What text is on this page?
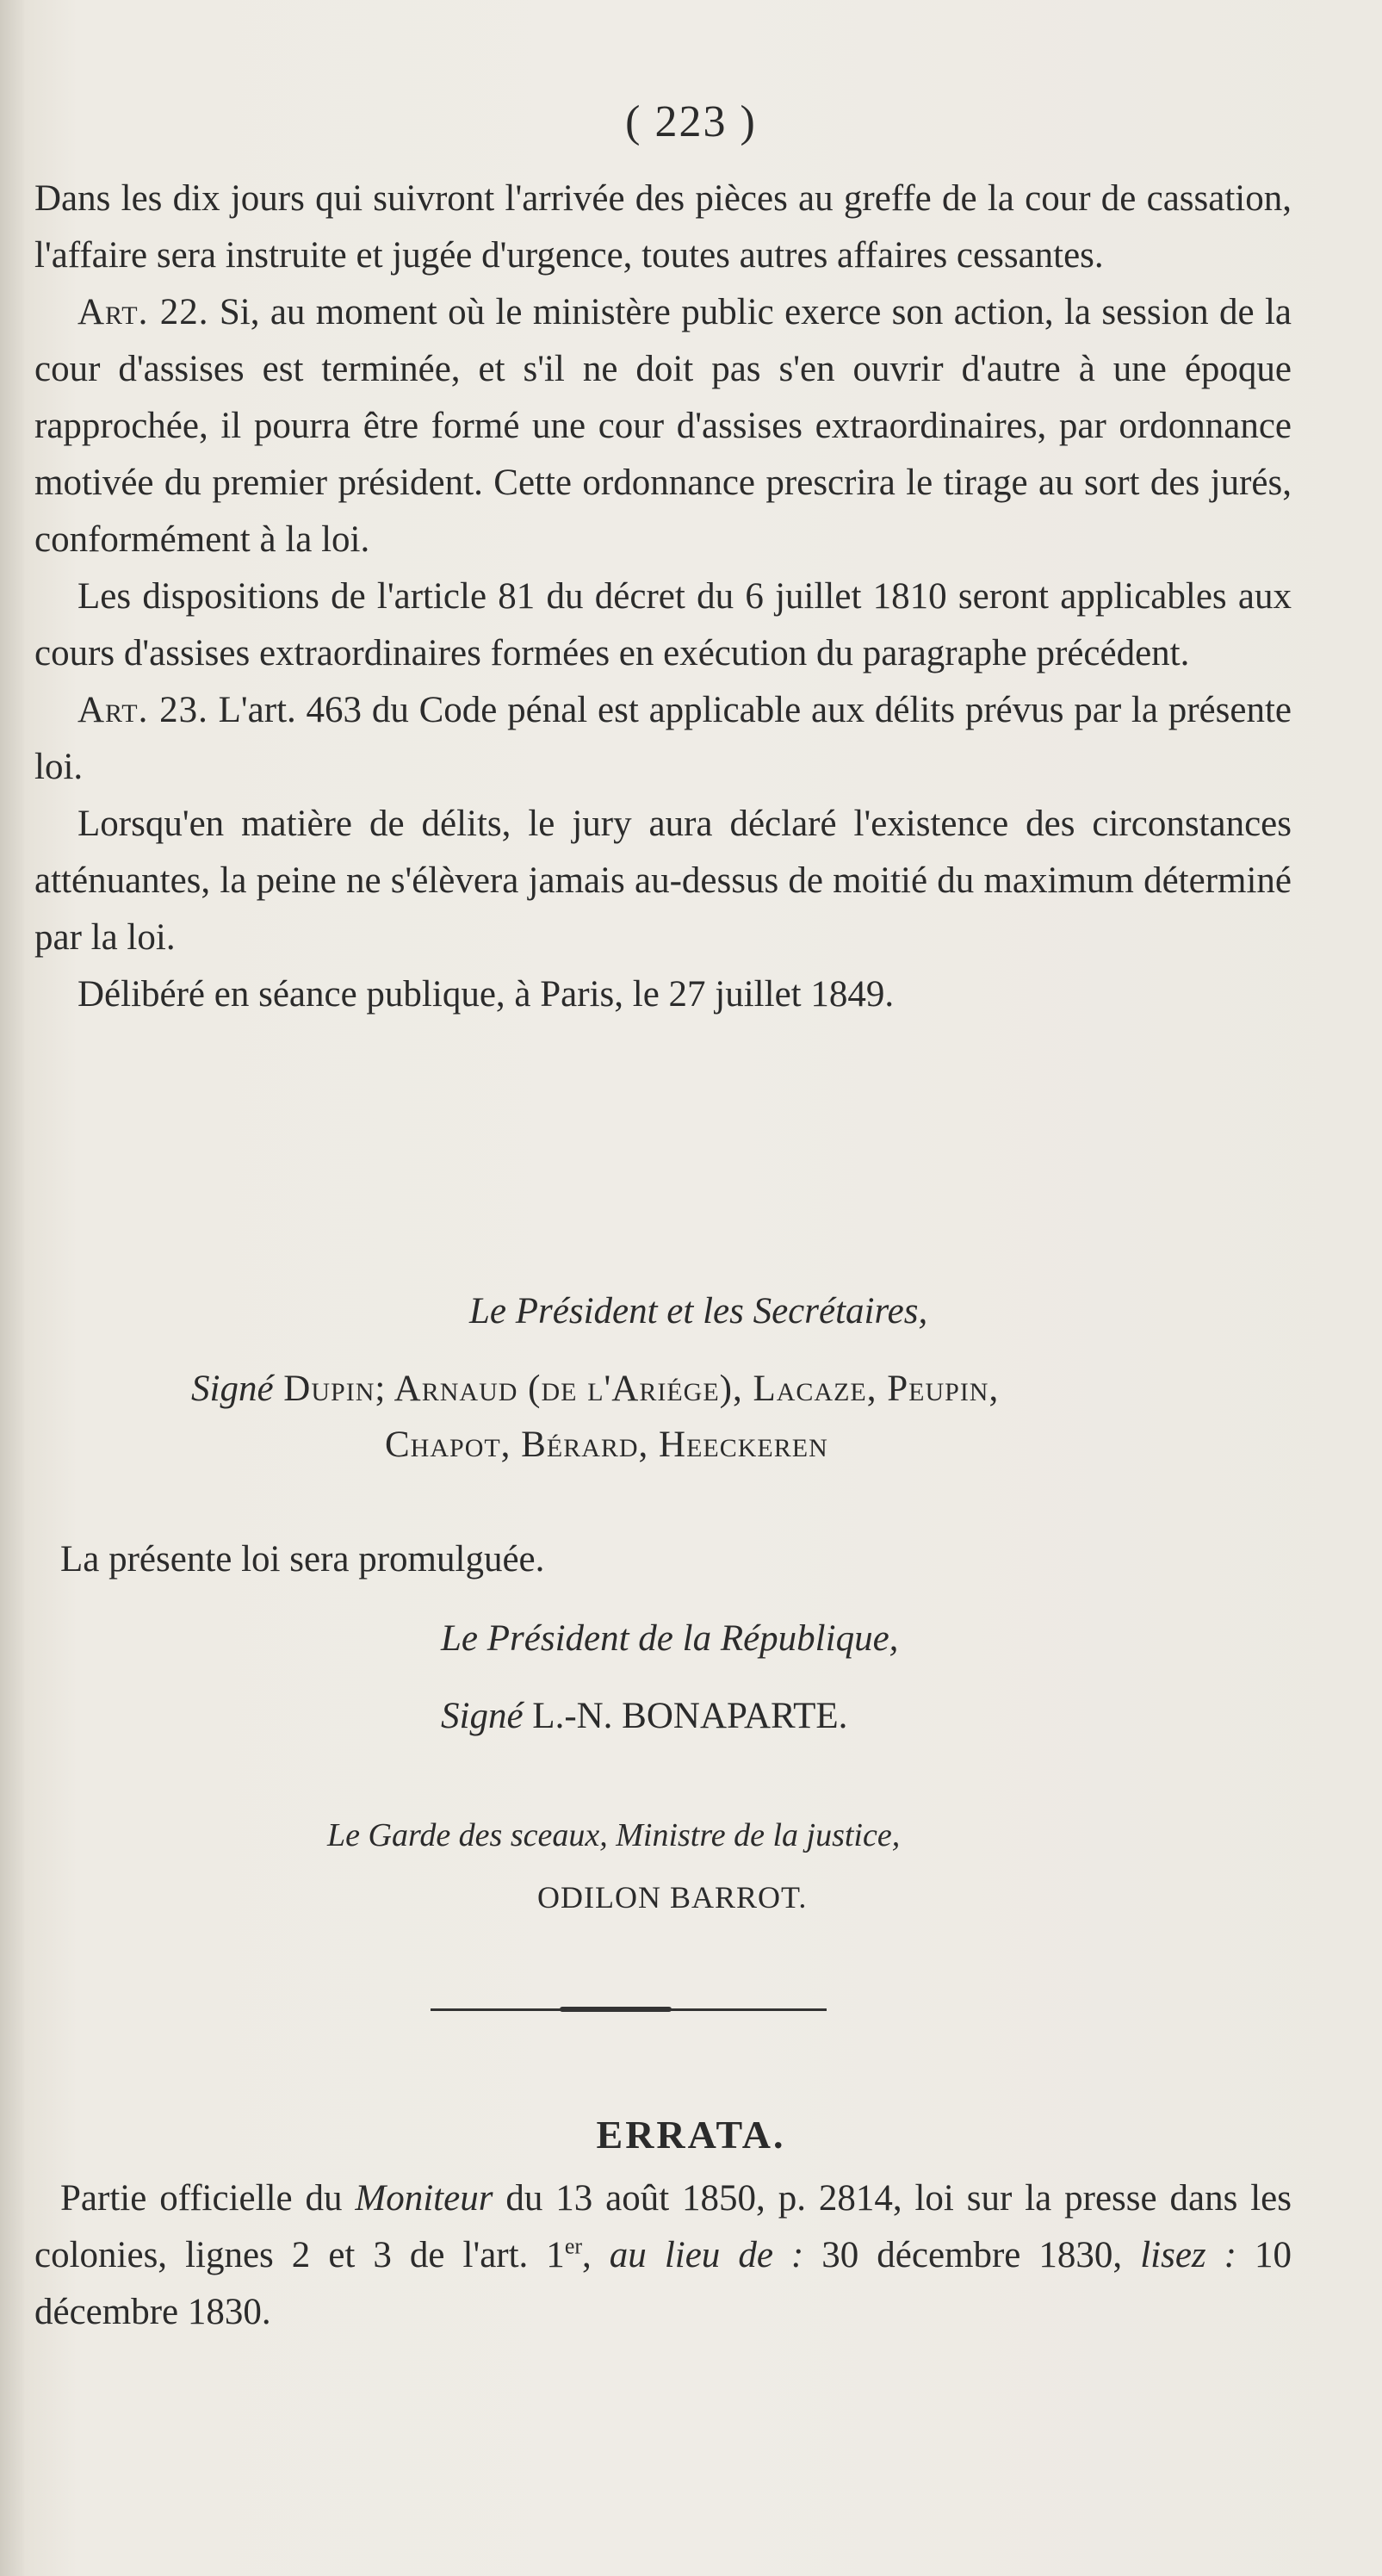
( 223 )

Dans les dix jours qui suivront l'arrivée des pièces au greffe de la cour de cassation, l'affaire sera instruite et jugée d'urgence, toutes autres affaires cessantes.

Art. 22. Si, au moment où le ministère public exerce son action, la session de la cour d'assises est terminée, et s'il ne doit pas s'en ouvrir d'autre à une époque rapprochée, il pourra être formé une cour d'assises extraordinaires, par ordonnance motivée du premier président. Cette ordonnance prescrira le tirage au sort des jurés, conformément à la loi.

Les dispositions de l'article 81 du décret du 6 juillet 1810 seront applicables aux cours d'assises extraordinaires formées en exécution du paragraphe précédent.

Art. 23. L'art. 463 du Code pénal est applicable aux délits prévus par la présente loi.

Lorsqu'en matière de délits, le jury aura déclaré l'existence des circonstances atténuantes, la peine ne s'élèvera jamais au-dessus de moitié du maximum déterminé par la loi.

Délibéré en séance publique, à Paris, le 27 juillet 1849.

Le Président et les Secrétaires,
Signé Dupin; Arnaud (de l'Ariége), Lacaze, Peupin,
Chapot, Bérard, Heeckeren
La présente loi sera promulguée.
Le Président de la République,
Signé L.-N. BONAPARTE.
Le Garde des sceaux, Ministre de la justice,
ODILON BARROT.
ERRATA.
Partie officielle du Moniteur du 13 août 1850, p. 2814, loi sur la presse dans les colonies, lignes 2 et 3 de l'art. 1er, au lieu de : 30 décembre 1830, lisez : 10 décembre 1830.
